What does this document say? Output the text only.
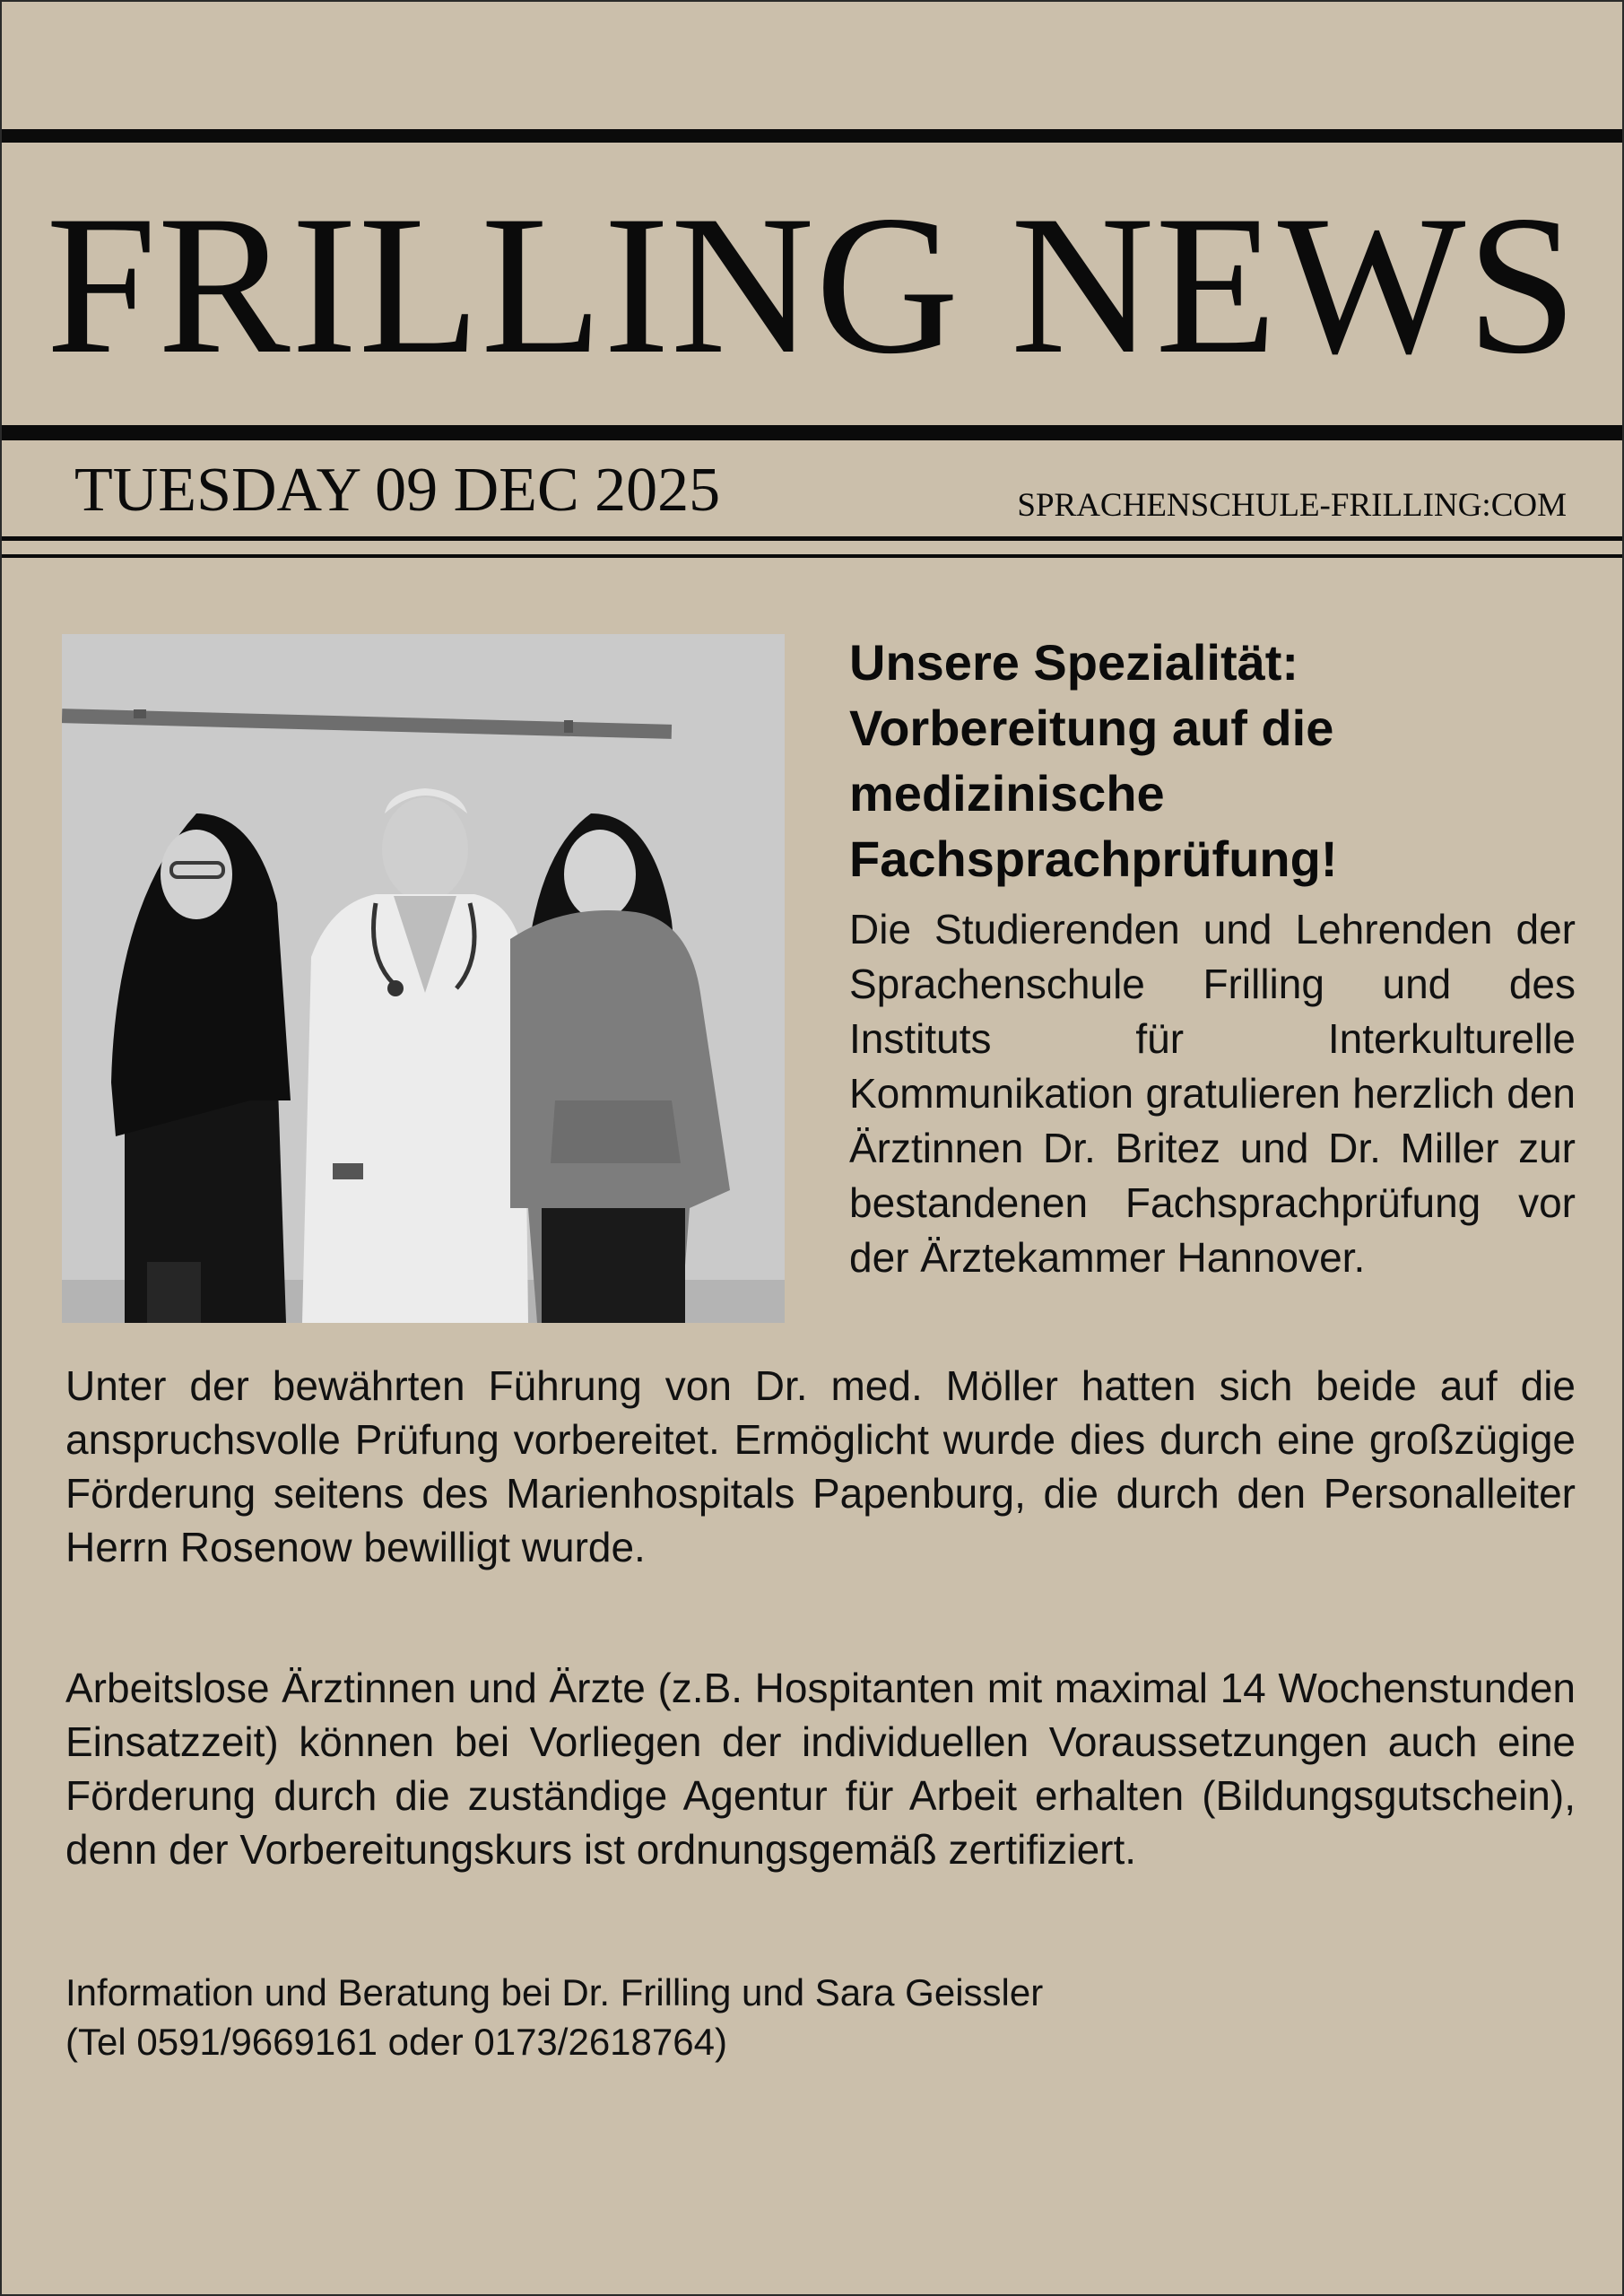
FRILLING NEWS
TUESDAY 09 DEC 2025	SPRACHENSCHULE-FRILLING:COM
Unsere Spezialität: Vorbereitung auf die medizinische Fachsprachprüfung!
Die Studierenden und Lehrenden der Sprachenschule Frilling und des Instituts für Interkulturelle Kommunikation gratulieren herzlich den Ärztinnen Dr. Britez und Dr. Miller zur bestandenen Fachsprachprüfung vor der Ärztekammer Hannover.
Unter der bewährten Führung von Dr. med. Möller hatten sich beide auf die anspruchsvolle Prüfung vorbereitet. Ermöglicht wurde dies durch eine großzügige Förderung seitens des Marienhospitals Papenburg, die durch den Personalleiter Herrn Rosenow bewilligt wurde.
Arbeitslose Ärztinnen und Ärzte (z.B. Hospitanten mit maximal 14 Wochenstunden Einsatzzeit) können bei Vorliegen der individuellen Voraussetzungen auch eine Förderung durch die zuständige Agentur für Arbeit erhalten (Bildungsgutschein), denn der Vorbereitungskurs ist ordnungsgemäß zertifiziert.
Information und Beratung bei Dr. Frilling und Sara Geissler
(Tel 0591/9669161 oder 0173/2618764)
